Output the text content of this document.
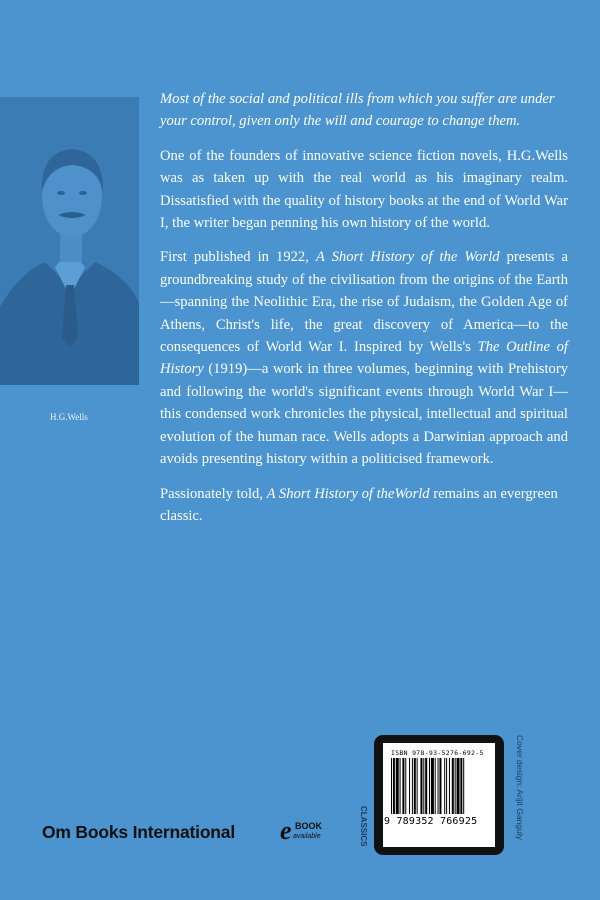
H.G.Wells

Most of the social and political ills from which you suffer are under your control, given only the will and courage to change them.

One of the founders of innovative science fiction novels, H.G.Wells was as taken up with the real world as his imaginary realm. Dissatisfied with the quality of history books at the end of World War I, the writer began penning his own history of the world.

First published in 1922, A Short History of the World presents a groundbreaking study of the civilisation from the origins of the Earth—spanning the Neolithic Era, the rise of Judaism, the Golden Age of Athens, Christ's life, the great discovery of America—to the consequences of World War I. Inspired by Wells's The Outline of History (1919)—a work in three volumes, beginning with Prehistory and following the world's significant events through World War I—this condensed work chronicles the physical, intellectual and spiritual evolution of the human race. Wells adopts a Darwinian approach and avoids presenting history within a politicised framework.

Passionately told, A Short History of theWorld remains an evergreen classic.

CLASSICS
ISBN 978-93-5276-692-5
9 789352 766925
www.ombooksinternational.com
Cover design: Arijit Ganguly
Om Books International e BOOK
available
